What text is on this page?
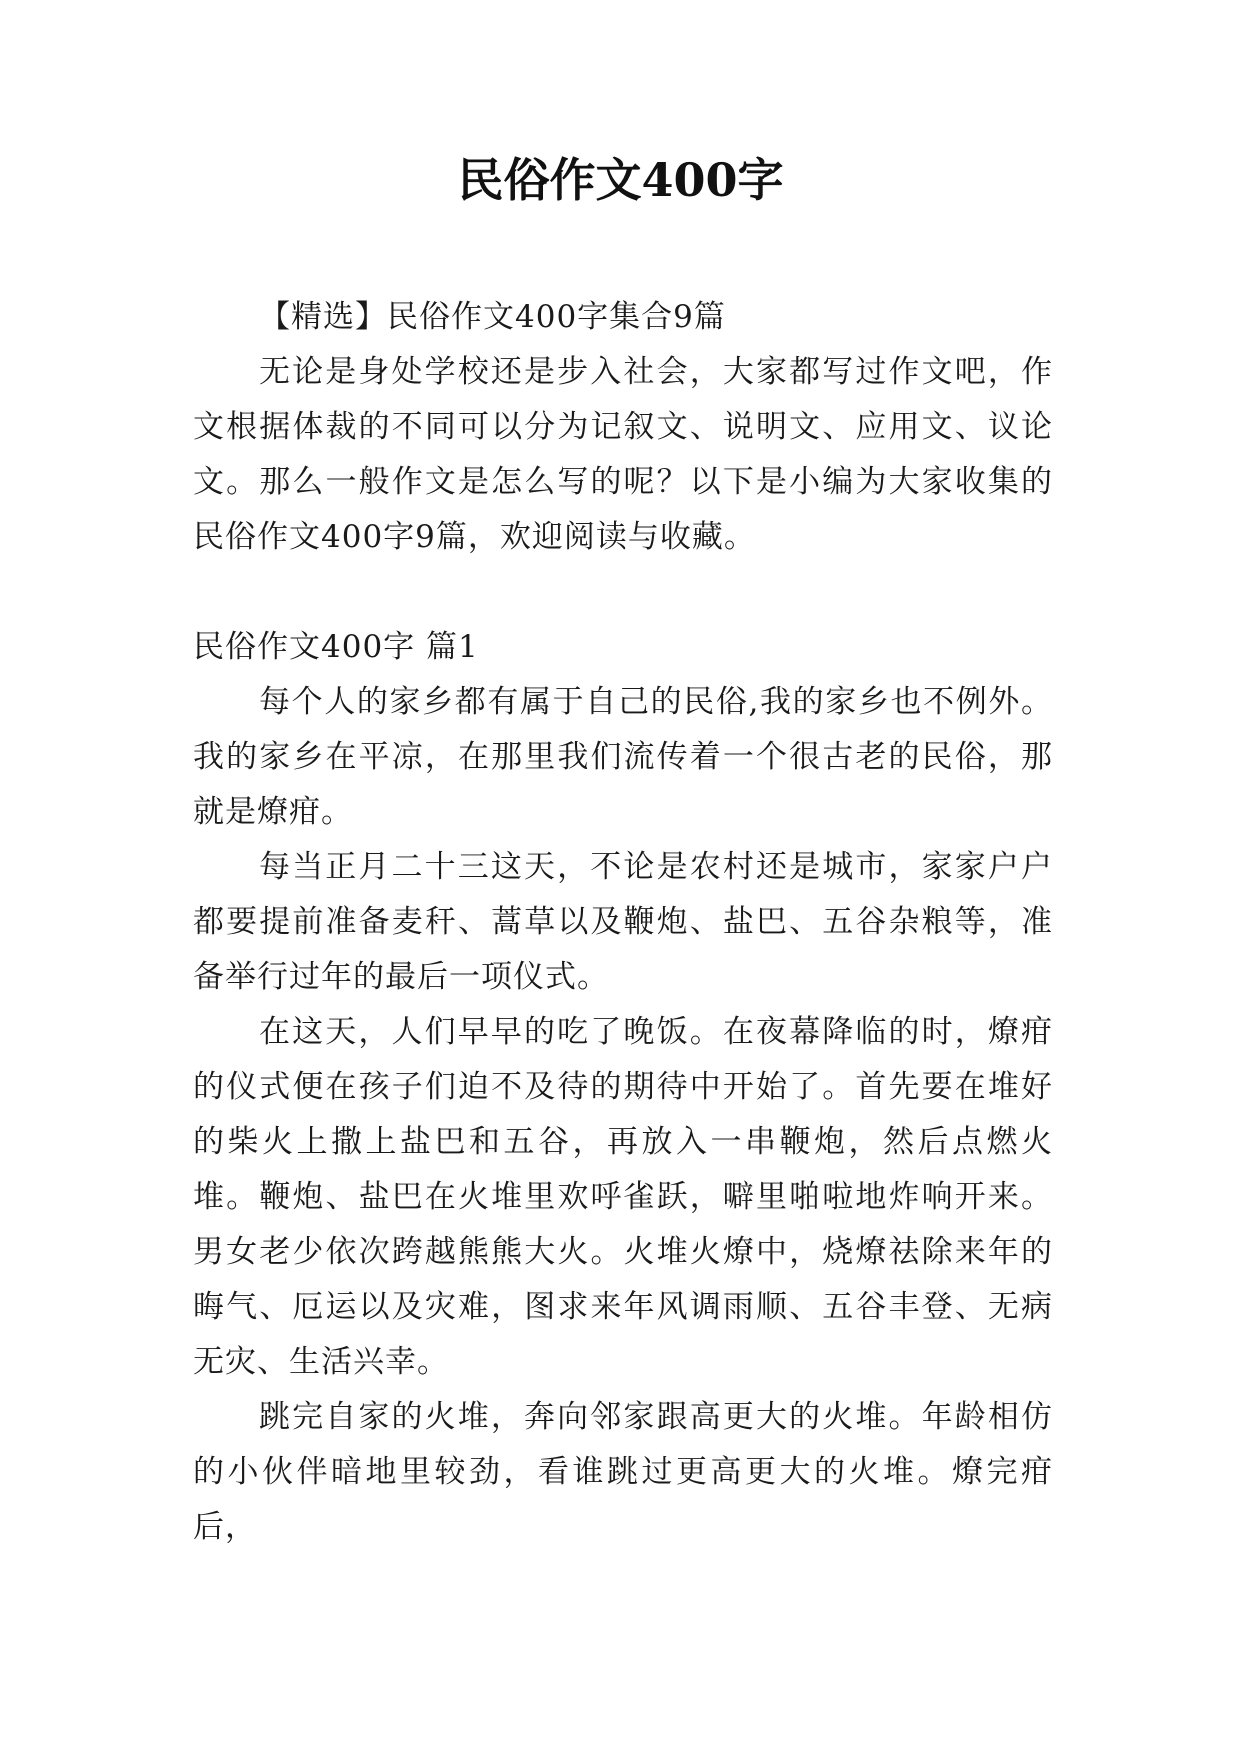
民俗作文400字

【精选】民俗作文400字集合9篇

无论是身处学校还是步入社会，大家都写过作文吧，作文根据体裁的不同可以分为记叙文、说明文、应用文、议论文。那么一般作文是怎么写的呢？以下是小编为大家收集的民俗作文400字9篇，欢迎阅读与收藏。

民俗作文400字 篇1

每个人的家乡都有属于自己的民俗,我的家乡也不例外。我的家乡在平凉，在那里我们流传着一个很古老的民俗，那就是燎疳。

每当正月二十三这天，不论是农村还是城市，家家户户都要提前准备麦秆、蒿草以及鞭炮、盐巴、五谷杂粮等，准备举行过年的最后一项仪式。

在这天，人们早早的吃了晚饭。在夜幕降临的时，燎疳的仪式便在孩子们迫不及待的期待中开始了。首先要在堆好的柴火上撒上盐巴和五谷，再放入一串鞭炮，然后点燃火堆。鞭炮、盐巴在火堆里欢呼雀跃，噼里啪啦地炸响开来。男女老少依次跨越熊熊大火。火堆火燎中，烧燎祛除来年的晦气、厄运以及灾难，图求来年风调雨顺、五谷丰登、无病无灾、生活兴幸。

跳完自家的火堆，奔向邻家跟高更大的火堆。年龄相仿的小伙伴暗地里较劲，看谁跳过更高更大的火堆。燎完疳后，
